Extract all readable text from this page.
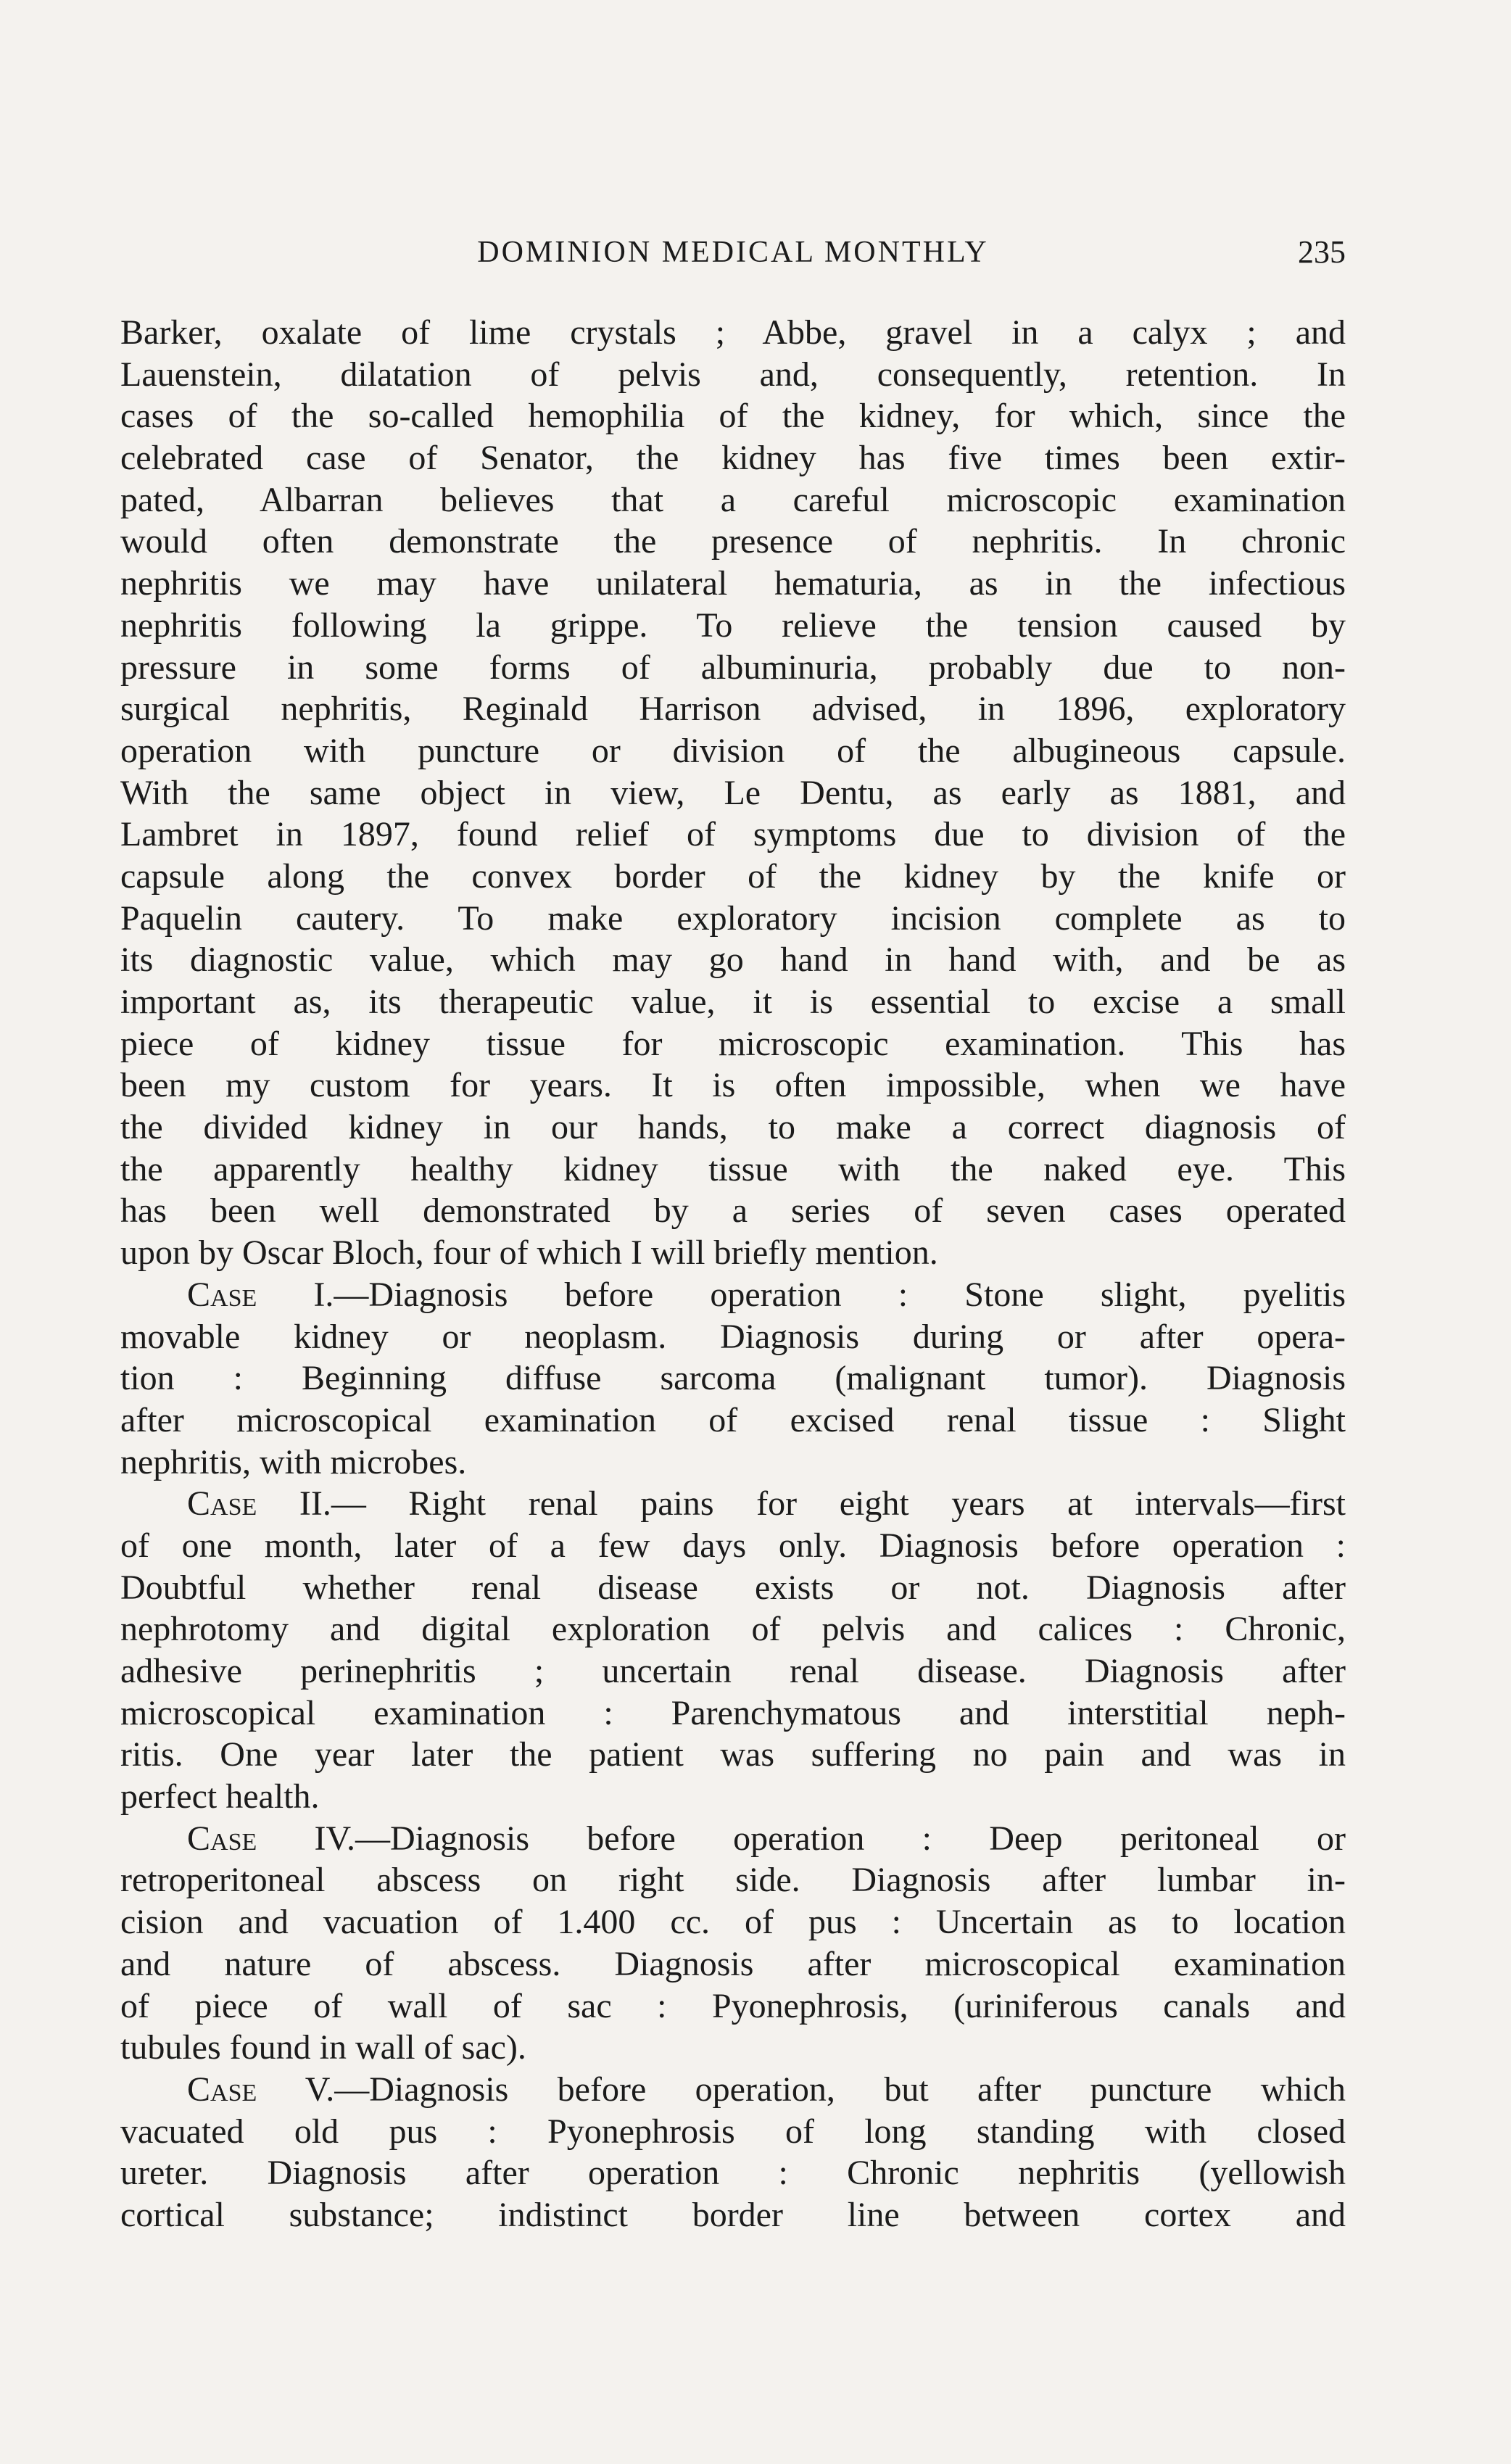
DOMINION MEDICAL MONTHLY	235
Barker, oxalate of lime crystals ; Abbe, gravel in a calyx ; and
Lauenstein, dilatation of pelvis and, consequently, retention. In
cases of the so-called hemophilia of the kidney, for which, since the
celebrated case of Senator, the kidney has five times been extir-
pated, Albarran believes that a careful microscopic examination
would often demonstrate the presence of nephritis. In chronic
nephritis we may have unilateral hematuria, as in the infectious
nephritis following la grippe. To relieve the tension caused by
pressure in some forms of albuminuria, probably due to non-
surgical nephritis, Reginald Harrison advised, in 1896, exploratory
operation with puncture or division of the albugineous capsule.
With the same object in view, Le Dentu, as early as 1881, and
Lambret in 1897, found relief of symptoms due to division of the
capsule along the convex border of the kidney by the knife or
Paquelin cautery. To make exploratory incision complete as to
its diagnostic value, which may go hand in hand with, and be as
important as, its therapeutic value, it is essential to excise a small
piece of kidney tissue for microscopic examination. This has
been my custom for years. It is often impossible, when we have
the divided kidney in our hands, to make a correct diagnosis of
the apparently healthy kidney tissue with the naked eye. This
has been well demonstrated by a series of seven cases operated
upon by Oscar Bloch, four of which I will briefly mention.
Case I.—Diagnosis before operation : Stone slight, pyelitis
movable kidney or neoplasm. Diagnosis during or after opera-
tion : Beginning diffuse sarcoma (malignant tumor). Diagnosis
after microscopical examination of excised renal tissue : Slight
nephritis, with microbes.
Case II.— Right renal pains for eight years at intervals—first
of one month, later of a few days only. Diagnosis before operation :
Doubtful whether renal disease exists or not. Diagnosis after
nephrotomy and digital exploration of pelvis and calices : Chronic,
adhesive perinephritis ; uncertain renal disease. Diagnosis after
microscopical examination : Parenchymatous and interstitial neph-
ritis. One year later the patient was suffering no pain and was in
perfect health.
Case IV.—Diagnosis before operation : Deep peritoneal or
retroperitoneal abscess on right side. Diagnosis after lumbar in-
cision and vacuation of 1.400 cc. of pus : Uncertain as to location
and nature of abscess. Diagnosis after microscopical examination
of piece of wall of sac : Pyonephrosis, (uriniferous canals and
tubules found in wall of sac).
Case V.—Diagnosis before operation, but after puncture which
vacuated old pus : Pyonephrosis of long standing with closed
ureter. Diagnosis after operation : Chronic nephritis (yellowish
cortical substance; indistinct border line between cortex and
